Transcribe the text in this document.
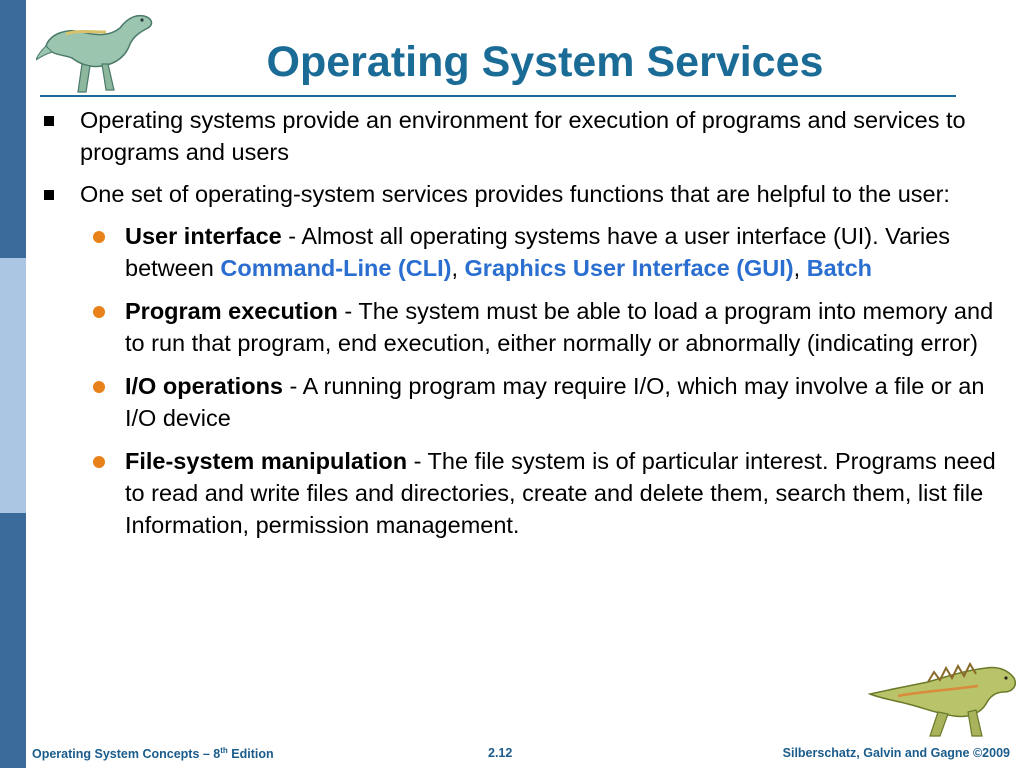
Operating System Services
Operating systems provide an environment for execution of programs and services to programs and users
One set of operating-system services provides functions that are helpful to the user:
User interface - Almost all operating systems have a user interface (UI). Varies between Command-Line (CLI), Graphics User Interface (GUI), Batch
Program execution - The system must be able to load a program into memory and to run that program, end execution, either normally or abnormally (indicating error)
I/O operations - A running program may require I/O, which may involve a file or an I/O device
File-system manipulation - The file system is of particular interest. Programs need to read and write files and directories, create and delete them, search them, list file Information, permission management.
Operating System Concepts – 8th Edition	2.12	Silberschatz, Galvin and Gagne ©2009
